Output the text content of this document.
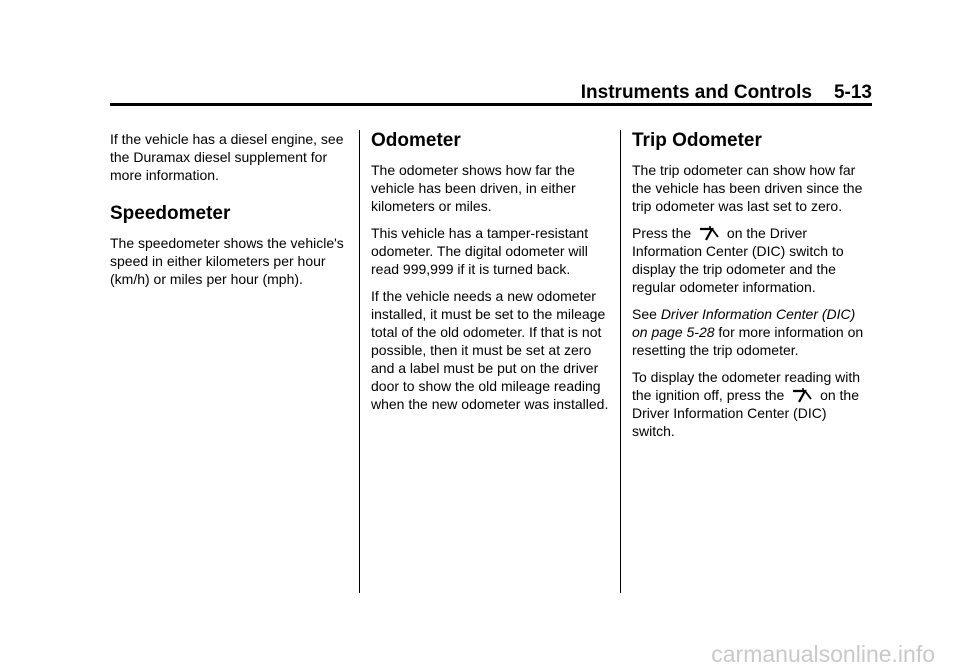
Instruments and Controls 5-13

If the vehicle has a diesel engine, see the Duramax diesel supplement for more information.

Speedometer

The speedometer shows the vehicle's speed in either kilometers per hour (km/h) or miles per hour (mph).

Odometer

The odometer shows how far the vehicle has been driven, in either kilometers or miles.

This vehicle has a tamper-resistant odometer. The digital odometer will read 999,999 if it is turned back.

If the vehicle needs a new odometer installed, it must be set to the mileage total of the old odometer. If that is not possible, then it must be set at zero and a label must be put on the driver door to show the old mileage reading when the new odometer was installed.

Trip Odometer

The trip odometer can show how far the vehicle has been driven since the trip odometer was last set to zero.

Press the	on the Driver Information Center (DIC) switch to display the trip odometer and the regular odometer information.

See Driver Information Center (DIC) on page 5-28 for more information on resetting the trip odometer.

To display the odometer reading with the ignition off, press the	on the Driver Information Center (DIC) switch.

carmanualsonline.info
